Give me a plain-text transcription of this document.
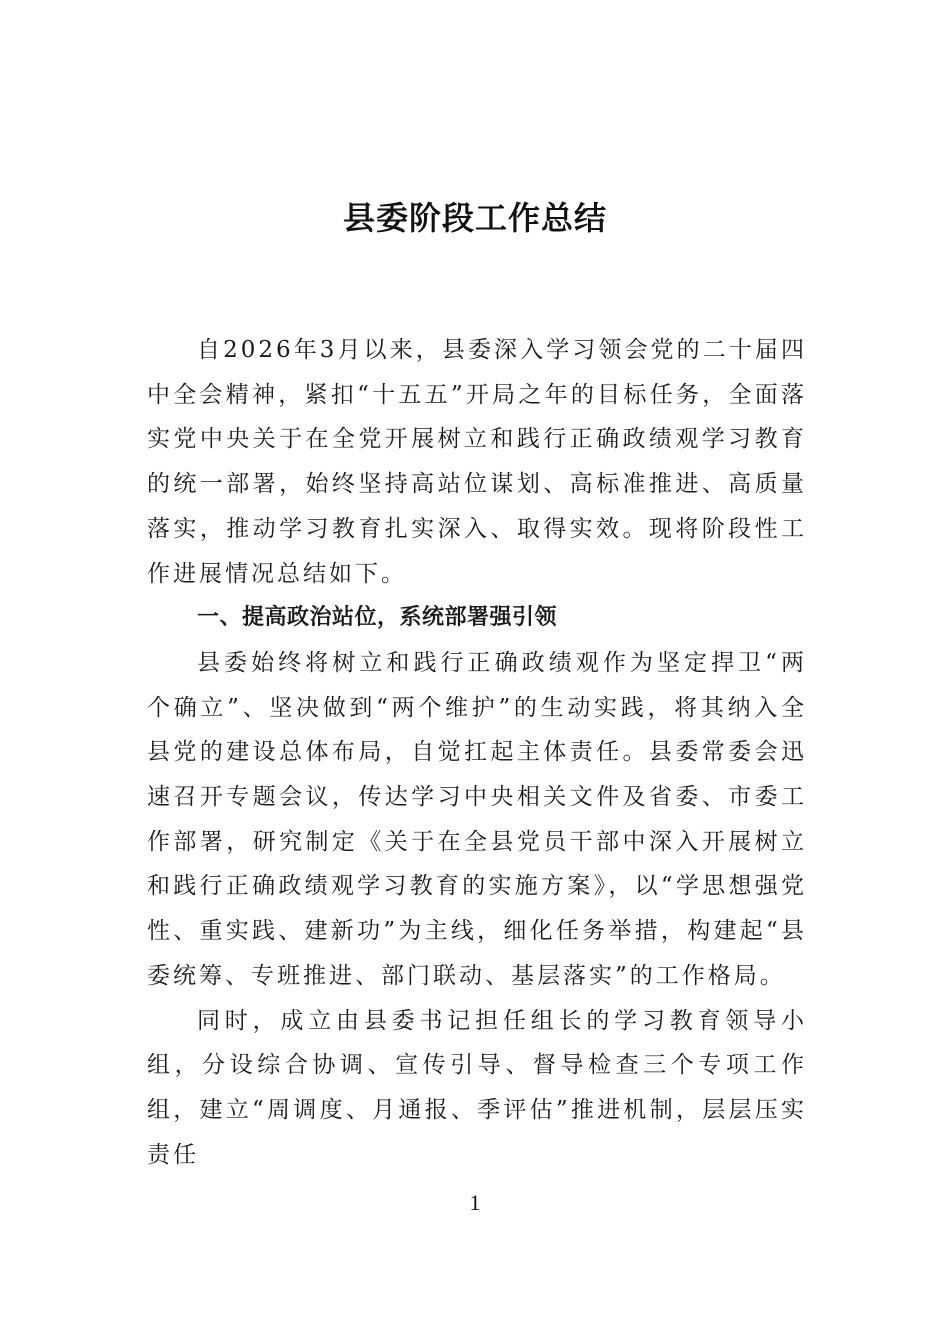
县委阶段工作总结

自2026年3月以来，县委深入学习领会党的二十届四中全会精神，紧扣“十五五”开局之年的目标任务，全面落实党中央关于在全党开展树立和践行正确政绩观学习教育的统一部署，始终坚持高站位谋划、高标准推进、高质量落实，推动学习教育扎实深入、取得实效。现将阶段性工作进展情况总结如下。

一、提高政治站位，系统部署强引领

县委始终将树立和践行正确政绩观作为坚定捍卫“两个确立”、坚决做到“两个维护”的生动实践，将其纳入全县党的建设总体布局，自觉扛起主体责任。县委常委会迅速召开专题会议，传达学习中央相关文件及省委、市委工作部署，研究制定《关于在全县党员干部中深入开展树立和践行正确政绩观学习教育的实施方案》，以“学思想强党性、重实践、建新功”为主线，细化任务举措，构建起“县委统筹、专班推进、部门联动、基层落实”的工作格局。

同时，成立由县委书记担任组长的学习教育领导小组，分设综合协调、宣传引导、督导检查三个专项工作组，建立“周调度、月通报、季评估”推进机制，层层压实责任

1
